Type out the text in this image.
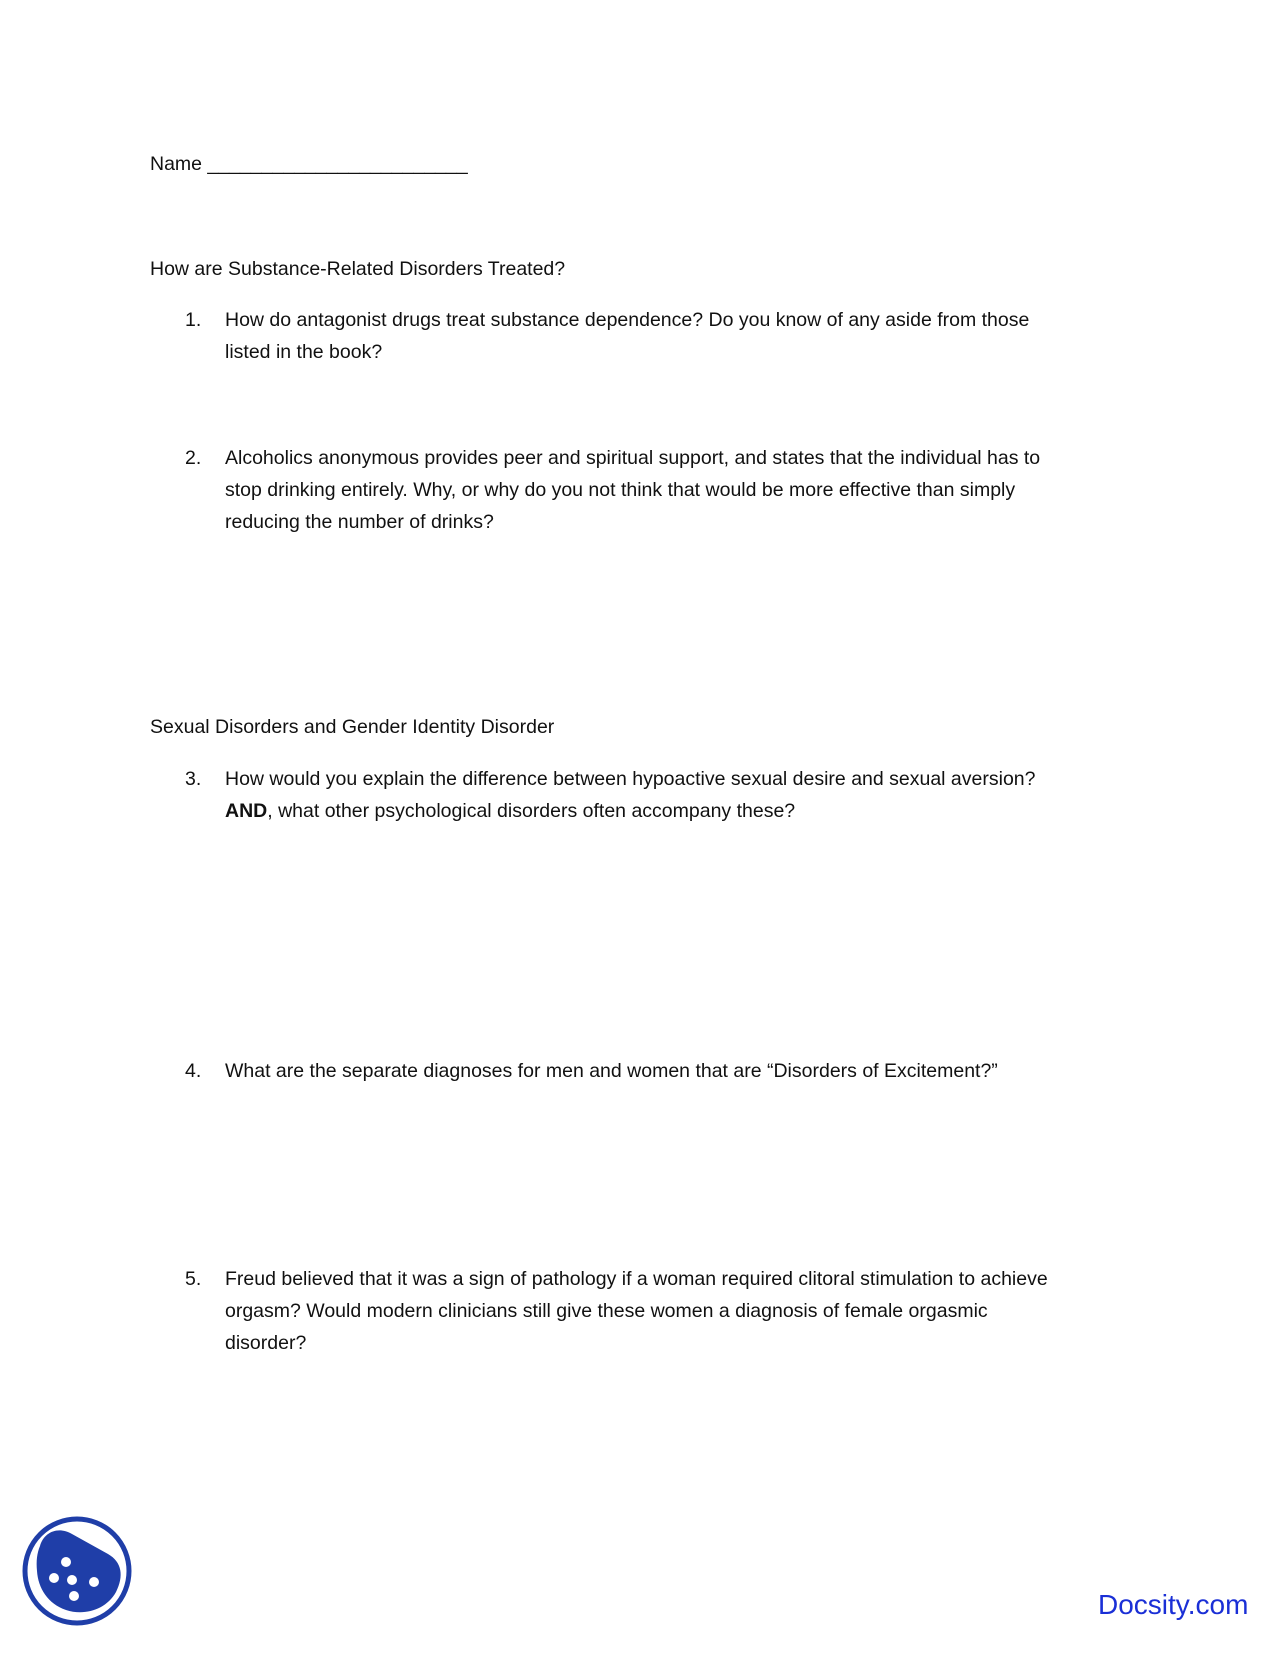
Name ________________________
How are Substance-Related Disorders Treated?
1.	How do antagonist drugs treat substance dependence? Do you know of any aside from those
listed in the book?
2.	Alcoholics anonymous provides peer and spiritual support, and states that the individual has to
stop drinking entirely. Why, or why do you not think that would be more effective than simply
reducing the number of drinks?
Sexual Disorders and Gender Identity Disorder
3.	How would you explain the difference between hypoactive sexual desire and sexual aversion?
AND, what other psychological disorders often accompany these?
4.	What are the separate diagnoses for men and women that are “Disorders of Excitement?”
5.	Freud believed that it was a sign of pathology if a woman required clitoral stimulation to achieve
orgasm? Would modern clinicians still give these women a diagnosis of female orgasmic
disorder?
Docsity.com
